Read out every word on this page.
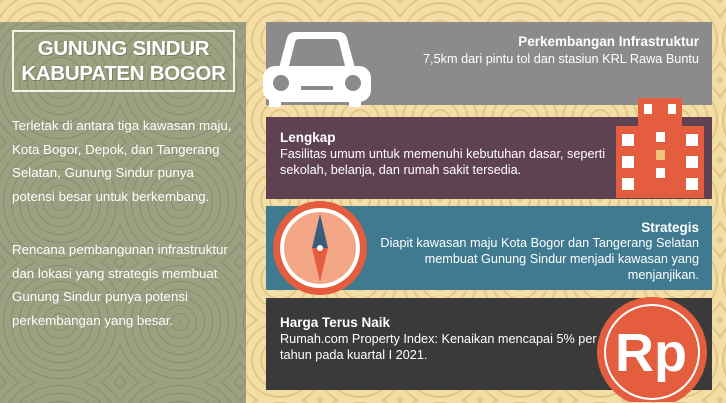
GUNUNG SINDUR
KABUPATEN BOGOR
Terletak di antara tiga kawasan maju, Kota Bogor, Depok, dan Tangerang Selatan, Gunung Sindur punya potensi besar untuk berkembang.
Rencana pembangunan infrastruktur dan lokasi yang strategis membuat Gunung Sindur punya potensi perkembangan yang besar.
Perkembangan Infrastruktur
7,5km dari pintu tol dan stasiun KRL Rawa Buntu
Lengkap
Fasilitas umum untuk memenuhi kebutuhan dasar, seperti sekolah, belanja, dan rumah sakit tersedia.
Strategis
Diapit kawasan maju Kota Bogor dan Tangerang Selatan membuat Gunung Sindur menjadi kawasan yang menjanjikan.
Harga Terus Naik
Rumah.com Property Index: Kenaikan mencapai 5% per tahun pada kuartal I 2021.	Rp
